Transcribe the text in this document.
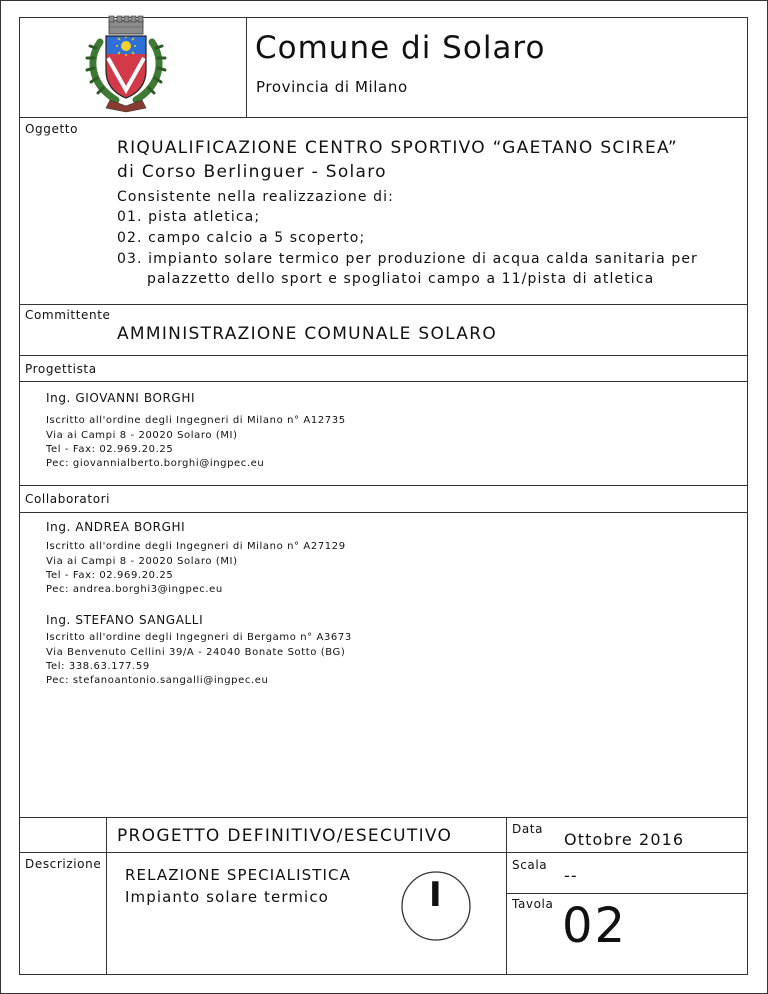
Comune di Solaro
Provincia di Milano
Oggetto
RIQUALIFICAZIONE CENTRO SPORTIVO “GAETANO SCIREA”
di Corso Berlinguer - Solaro
Consistente nella realizzazione di:
01. pista atletica;
02. campo calcio a 5 scoperto;
03. impianto solare termico per produzione di acqua calda sanitaria per
palazzetto dello sport e spogliatoi campo a 11/pista di atletica
Committente
AMMINISTRAZIONE COMUNALE SOLARO
Progettista
Ing. GIOVANNI BORGHI
Iscritto all'ordine degli Ingegneri di Milano n° A12735
Via ai Campi 8 - 20020 Solaro (MI)
Tel - Fax: 02.969.20.25
Pec: giovannialberto.borghi@ingpec.eu
Collaboratori
Ing. ANDREA BORGHI
Iscritto all'ordine degli Ingegneri di Milano n° A27129
Via ai Campi 8 - 20020 Solaro (MI)
Tel - Fax: 02.969.20.25
Pec: andrea.borghi3@ingpec.eu
Ing. STEFANO SANGALLI
Iscritto all'ordine degli Ingegneri di Bergamo n° A3673
Via Benvenuto Cellini 39/A - 24040 Bonate Sotto (BG)
Tel: 338.63.177.59
Pec: stefanoantonio.sangalli@ingpec.eu
PROGETTO DEFINITIVO/ESECUTIVO
Descrizione
RELAZIONE SPECIALISTICA
Impianto solare termico	I
Data
Ottobre 2016
Scala
--
Tavola 02
